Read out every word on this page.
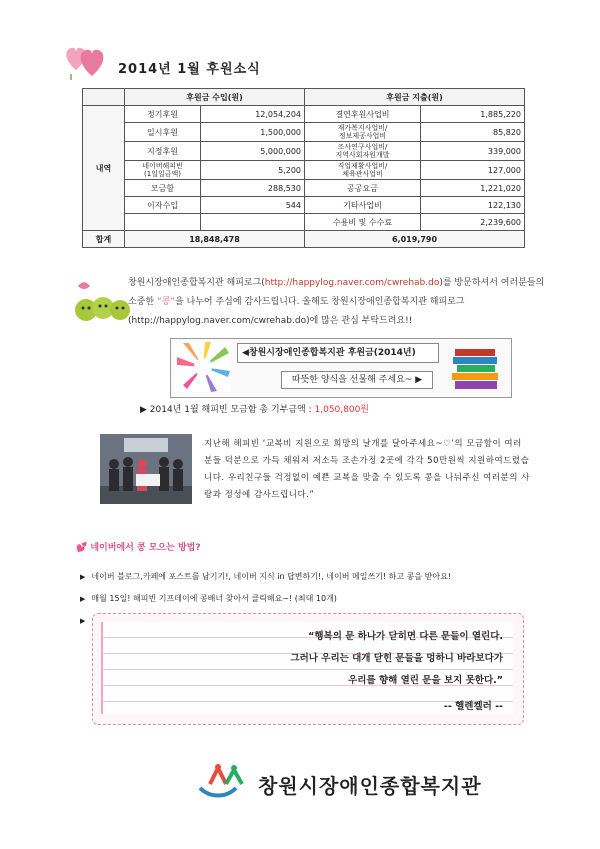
2014년 1월 후원소식
	후원금 수입(원)		후원금 지출(원)	
내역	정기후원	12,054,204	결연후원사업비	1,885,220
	일시후원	1,500,000	재가복지사업비/
정보제공사업비	85,820
	지정후원	5,000,000	조사연구사업비/
지역사회자원개발	339,000
	네이버해피빈
(1일일금액)	5,200	직업재활사업비/
체육관사업비	127,000
	모금함	288,530	공공요금	1,221,020
	이자수입	544	기타사업비	122,130
			수용비 및 수수료	2,239,600
합계	18,848,478		6,019,790	
창원시장애인종합복지관 해피로그(http://happylog.naver.com/cwrehab.do)를 방문하셔서 여러분들의 소중한 “콩”을 나누어 주심에 감사드립니다. 올해도 창원시장애인종합복지관 해피로그(http://happylog.naver.com/cwrehab.do)에 많은 관심 부탁드려요!!
◀창원시장애인종합복지관 후원금(2014년)
따뜻한 양식을 선물해 주세요~ ▶
▶ 2014년 1월 해피빈 모금함 총 기부금액 : 1,050,800원
지난해 해피빈 ‘교복비 지원으로 희망의 날개를 달아주세요~♡’의 모금함이 여러분들 덕분으로 가득 채워져 저소득 조손가정 2곳에 각각 50만원씩 지원하여드렸습니다. 우리친구들 걱정없이 예쁜 교복을 맞출 수 있도록 콩을 나눠주신 여러분의 사랑과 정성에 감사드립니다.”
💕 네이버에서 콩 모으는 방법?
▶ 네이버 블로그,카페에 포스트를 남기기!, 네이버 지식 in 답변하기!, 네이버 메일쓰기! 하고 콩을 받아요!
▶ 매월 15일! 해피빈 기프데이에 콩배너 찾아서 클릭해요~! (최대 10개)
▶
“행복의 문 하나가 닫히면 다른 문들이 열린다.
그러나 우리는 대개 닫힌 문들을 멍하니 바라보다가
우리를 향해 열린 문을 보지 못한다.”
-- 헬렌켈러 --
창원시장애인종합복지관
